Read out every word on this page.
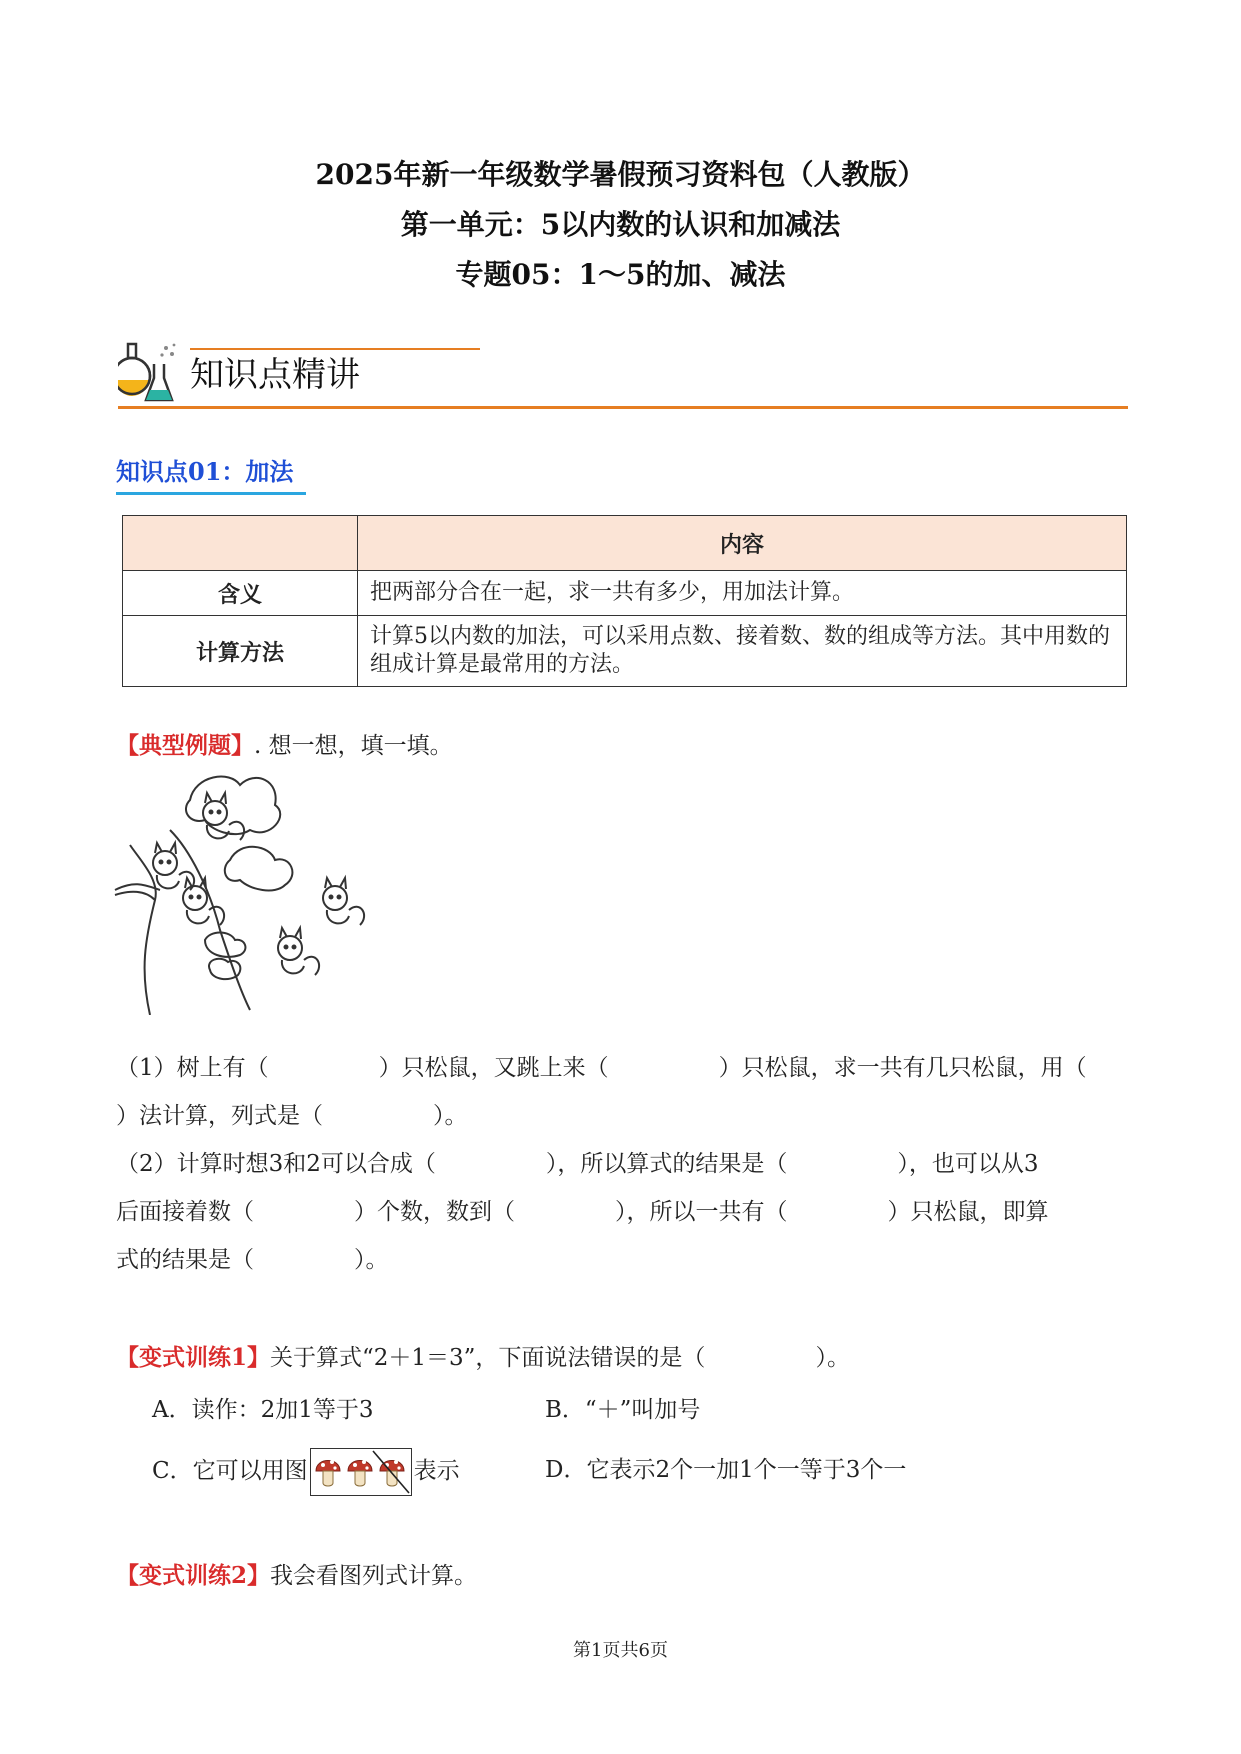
2025年新一年级数学暑假预习资料包（人教版）
第一单元：5以内数的认识和加减法
专题05：1～5的加、减法
知识点精讲
知识点01：加法
	内容
含义	把两部分合在一起，求一共有多少，用加法计算。
计算方法	计算5以内数的加法，可以采用点数、接着数、数的组成等方法。其中用数的组成计算是最常用的方法。
【典型例题】. 想一想，填一填。
（1）树上有（	）只松鼠，又跳上来（	）只松鼠，求一共有几只松鼠，用（
）法计算，列式是（	）。
（2）计算时想3和2可以合成（	），所以算式的结果是（	），也可以从3
后面接着数（	）个数，数到（	），所以一共有（	）只松鼠，即算
式的结果是（	）。
【变式训练1】关于算式“2＋1＝3”，下面说法错误的是（	）。
A．读作：2加1等于3	B．“＋”叫加号
C．它可以用图	表示	D．它表示2个一加1个一等于3个一
【变式训练2】我会看图列式计算。
第1页共6页
